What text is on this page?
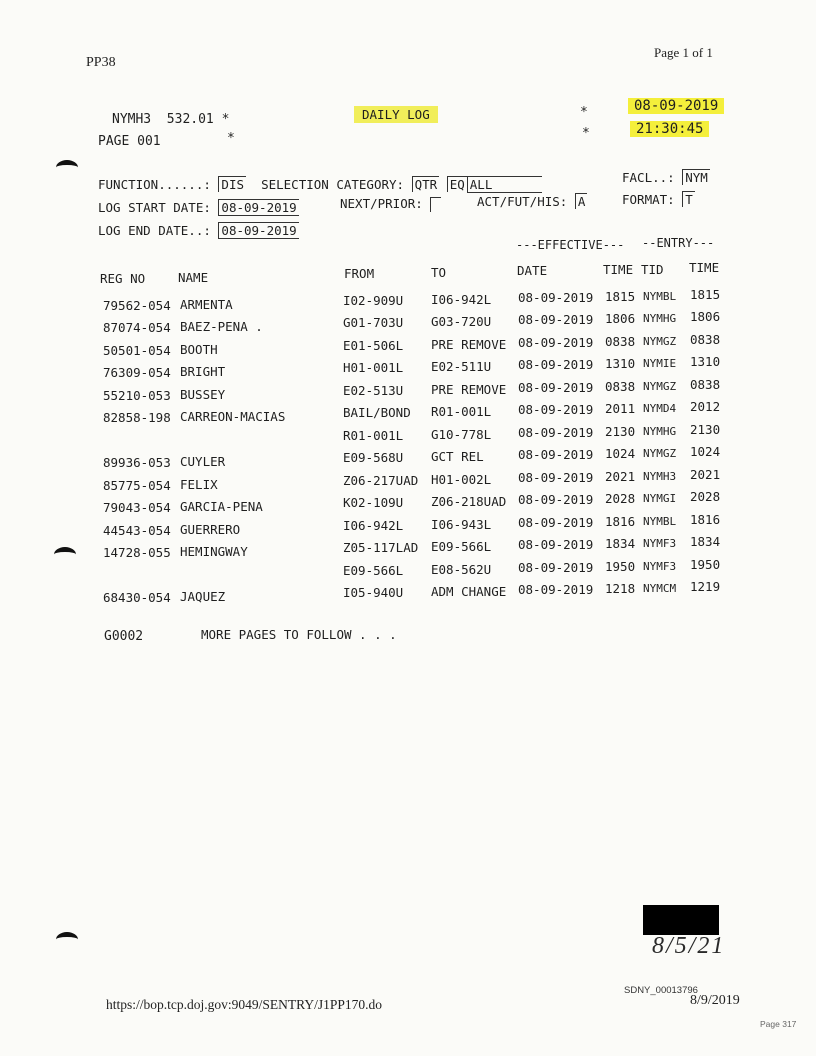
PP38
Page 1 of 1
NYMH3 532.01 *	DAILY LOG	*	08-09-2019
PAGE 001	*	*	21:30:45
FUNCTION......: DIS SELECTION CATEGORY: QTR EQ ALL	FACL..: NYM
LOG START DATE: 08-09-2019	NEXT/PRIOR:	ACT/FUT/HIS: A	FORMAT: T
LOG END DATE..: 08-09-2019
---EFFECTIVE--- --ENTRY---
REG NO	NAME	FROM	TO	DATE	TIME TID TIME
79562-054 ARMENTA	I02-909U I06-942L 08-09-2019 1815 NYMBL 1815
87074-054 BAEZ-PENA .	G01-703U G03-720U 08-09-2019 1806 NYMHG 1806
50501-054 BOOTH	E01-506L PRE REMOVE 08-09-2019 0838 NYMGZ 0838
76309-054 BRIGHT	H01-001L E02-511U 08-09-2019 1310 NYMIE 1310
55210-053 BUSSEY	E02-513U PRE REMOVE 08-09-2019 0838 NYMGZ 0838
82858-198 CARREON-MACIAS	BAIL/BOND R01-001L 08-09-2019 2011 NYMD4 2012
R01-001L G10-778L 08-09-2019 2130 NYMHG 2130
89936-053 CUYLER	E09-568U GCT REL	08-09-2019 1024 NYMGZ 1024
85775-054 FELIX	Z06-217UAD H01-002L 08-09-2019 2021 NYMH3 2021
79043-054 GARCIA-PENA	K02-109U Z06-218UAD 08-09-2019 2028 NYMGI 2028
44543-054 GUERRERO	I06-942L I06-943L 08-09-2019 1816 NYMBL 1816
14728-055 HEMINGWAY	Z05-117LAD E09-566L 08-09-2019 1834 NYMF3 1834
E09-566L E08-562U 08-09-2019 1950 NYMF3 1950
68430-054 JAQUEZ	I05-940U ADM CHANGE 08-09-2019 1218 NYMCM 1219
G0002	MORE PAGES TO FOLLOW . . .
8/5/21
SDNY_00013796
8/9/2019
https://bop.tcp.doj.gov:9049/SENTRY/J1PP170.do
Page 317
